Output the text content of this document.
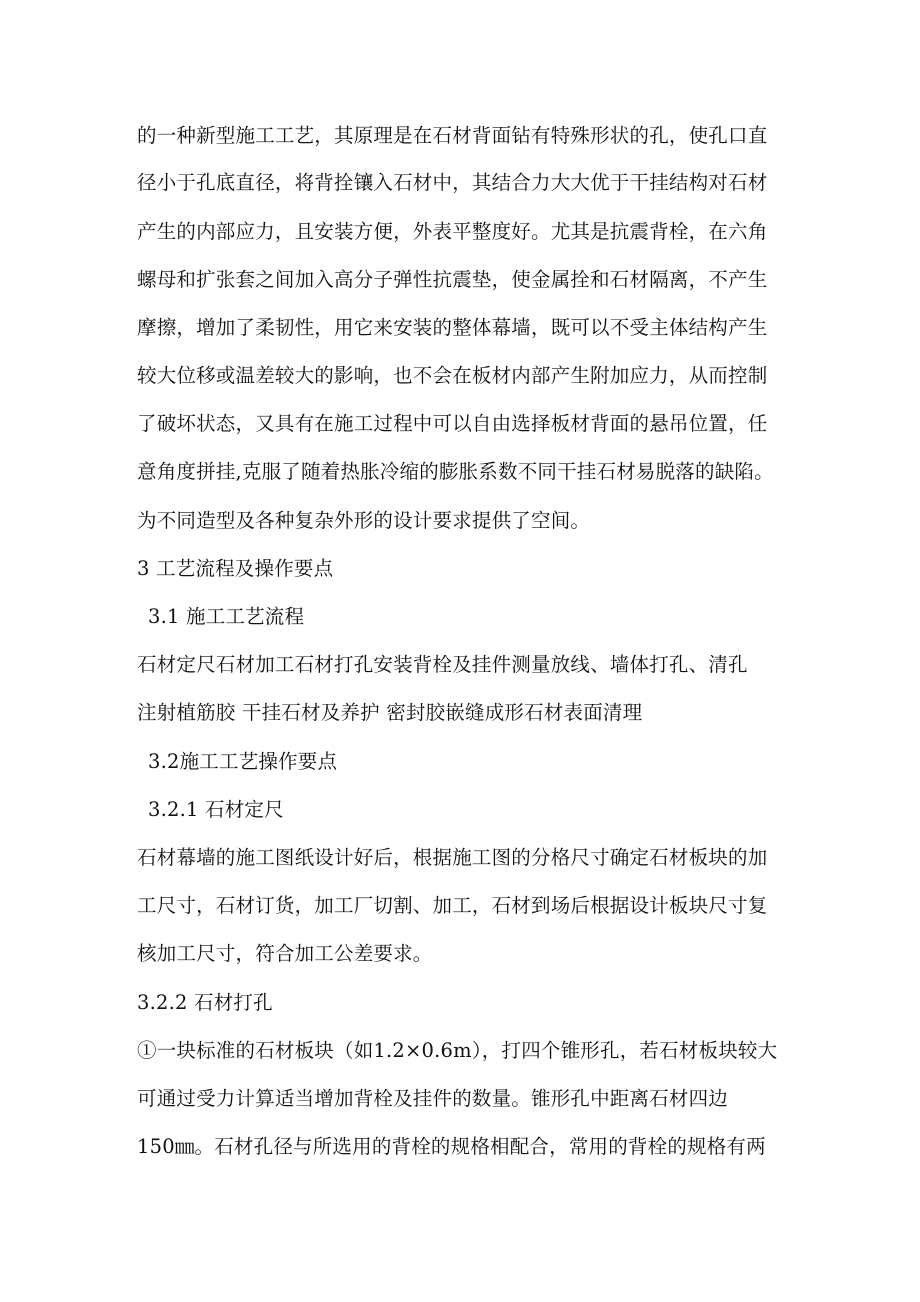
的一种新型施工工艺，其原理是在石材背面钻有特殊形状的孔，使孔口直
径小于孔底直径，将背拴镶入石材中，其结合力大大优于干挂结构对石材
产生的内部应力，且安装方便，外表平整度好。尤其是抗震背栓，在六角
螺母和扩张套之间加入高分子弹性抗震垫，使金属拴和石材隔离，不产生
摩擦，增加了柔韧性，用它来安装的整体幕墙，既可以不受主体结构产生
较大位移或温差较大的影响，也不会在板材内部产生附加应力，从而控制
了破坏状态，又具有在施工过程中可以自由选择板材背面的悬吊位置，任
意角度拼挂,克服了随着热胀冷缩的膨胀系数不同干挂石材易脱落的缺陷。
为不同造型及各种复杂外形的设计要求提供了空间。
3 工艺流程及操作要点
3.1 施工工艺流程
石材定尺石材加工石材打孔安装背栓及挂件测量放线、墙体打孔、清孔
注射植筋胶 干挂石材及养护 密封胶嵌缝成形石材表面清理
3.2施工工艺操作要点
3.2.1 石材定尺
石材幕墙的施工图纸设计好后，根据施工图的分格尺寸确定石材板块的加
工尺寸，石材订货，加工厂切割、加工，石材到场后根据设计板块尺寸复
核加工尺寸，符合加工公差要求。
3.2.2 石材打孔
①一块标准的石材板块（如1.2×0.6m），打四个锥形孔，若石材板块较大
可通过受力计算适当增加背栓及挂件的数量。锥形孔中距离石材四边
150㎜。石材孔径与所选用的背栓的规格相配合，常用的背栓的规格有两
